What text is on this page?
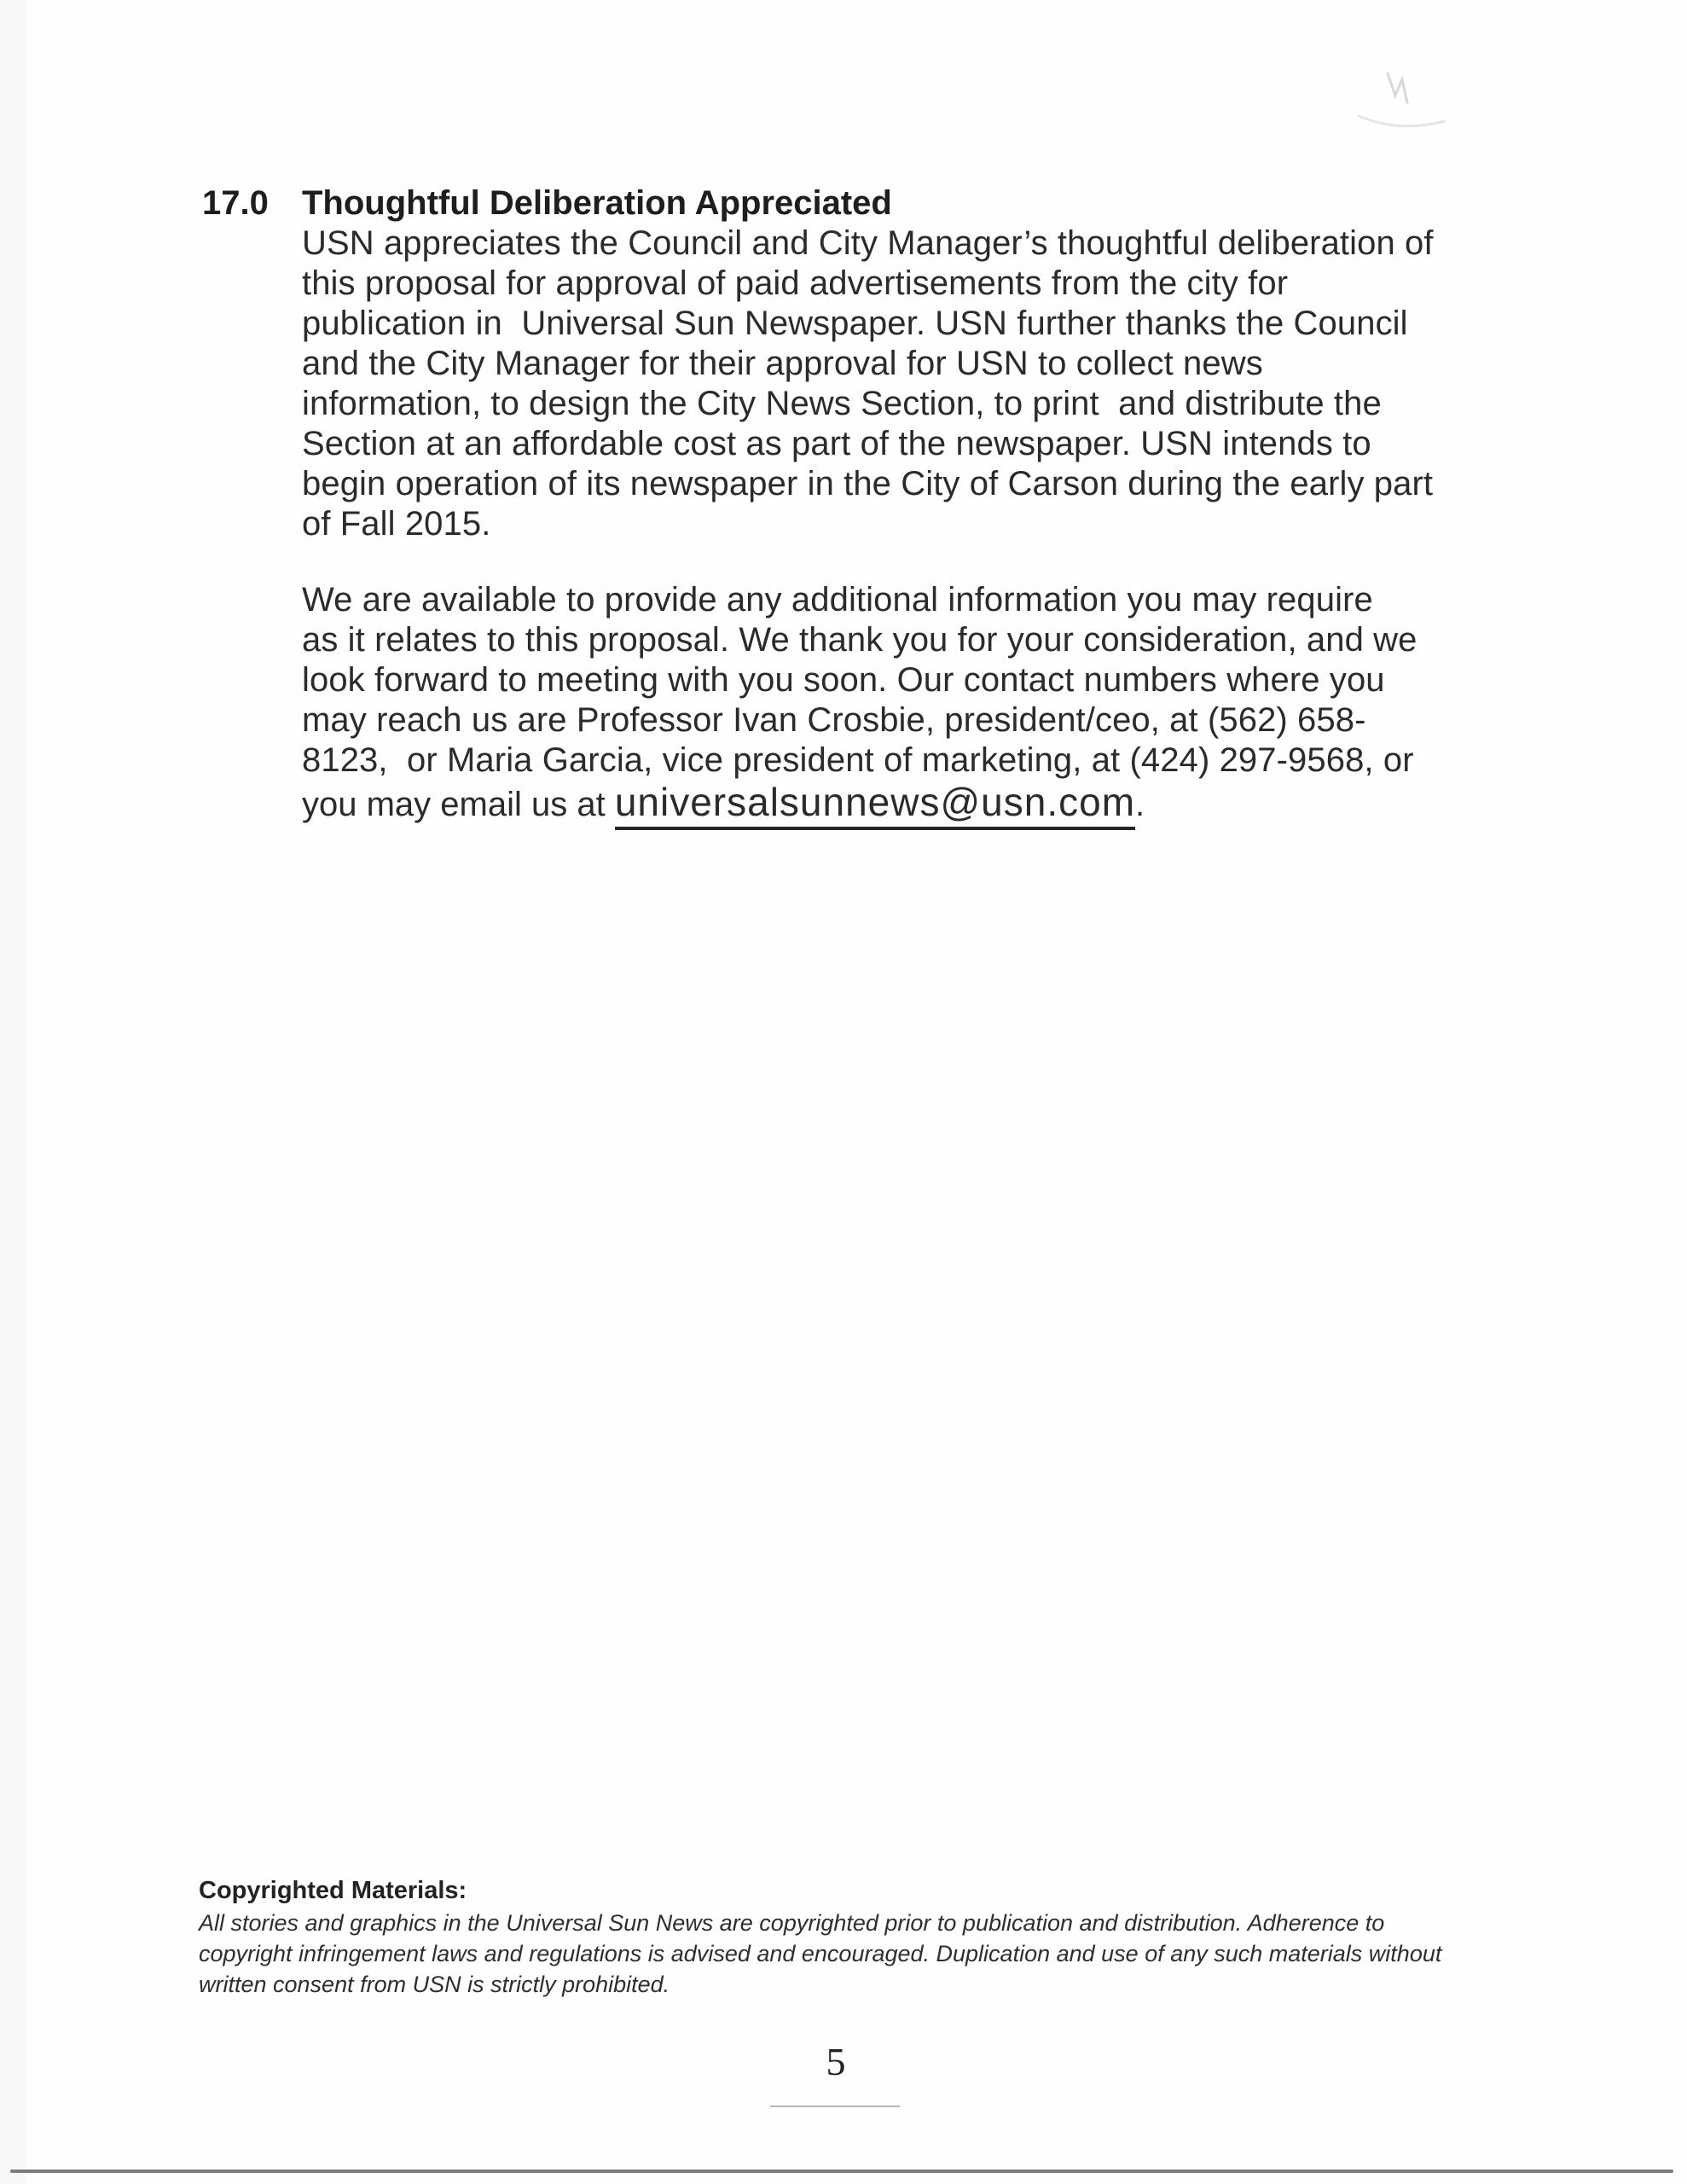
17.0 Thoughtful Deliberation Appreciated
USN appreciates the Council and City Manager’s thoughtful deliberation of
this proposal for approval of paid advertisements from the city for
publication in  Universal Sun Newspaper. USN further thanks the Council
and the City Manager for their approval for USN to collect news
information, to design the City News Section, to print  and distribute the
Section at an affordable cost as part of the newspaper. USN intends to
begin operation of its newspaper in the City of Carson during the early part
of Fall 2015.
We are available to provide any additional information you may require
as it relates to this proposal. We thank you for your consideration, and we
look forward to meeting with you soon. Our contact numbers where you
may reach us are Professor Ivan Crosbie, president/ceo, at (562) 658-
8123,  or Maria Garcia, vice president of marketing, at (424) 297-9568, or
you may email us at universalsunnews@usn.com.
Copyrighted Materials:
All stories and graphics in the Universal Sun News are copyrighted prior to publication and distribution. Adherence to
copyright infringement laws and regulations is advised and encouraged. Duplication and use of any such materials without
written consent from USN is strictly prohibited.
5
